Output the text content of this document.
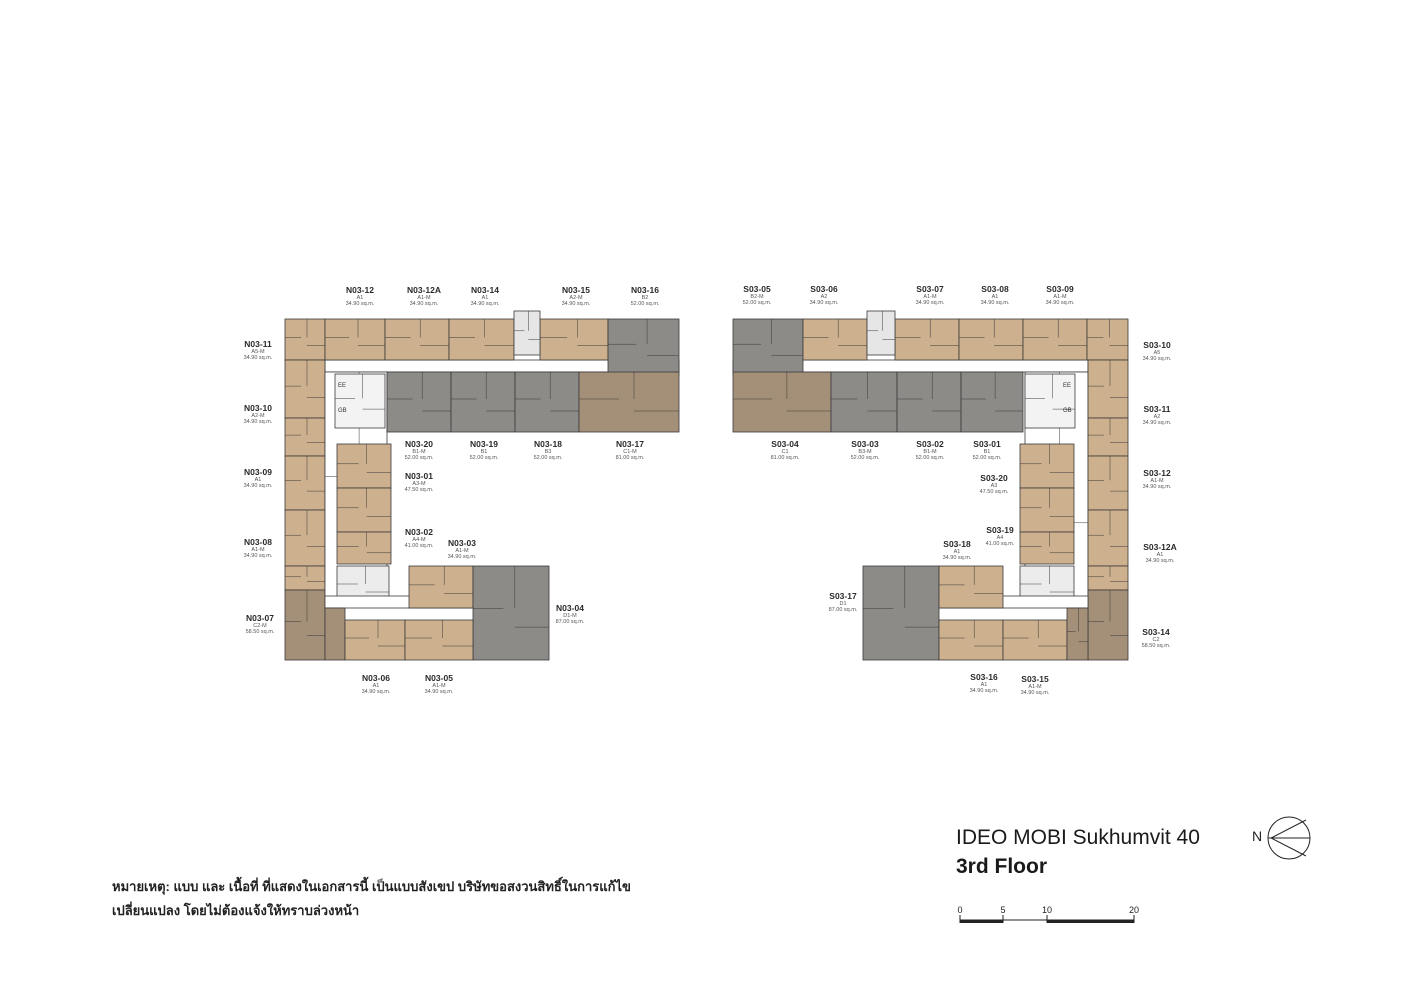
EE
GB
EE
GB
N03-12
A1
34.90 sq.m.
N03-12A
A1-M
34.90 sq.m.
N03-14
A1
34.90 sq.m.
N03-15
A2-M
34.90 sq.m.
N03-16
B2
52.00 sq.m.
N03-11
A5-M
34.90 sq.m.
N03-10
A2-M
34.90 sq.m.
N03-09
A1
34.90 sq.m.
N03-08
A1-M
34.90 sq.m.
N03-07
C2-M
58.50 sq.m.
N03-20
B1-M
52.00 sq.m.
N03-19
B1
52.00 sq.m.
N03-18
B3
52.00 sq.m.
N03-17
C1-M
81.00 sq.m.
N03-01
A3-M
47.50 sq.m.
N03-02
A4-M
41.00 sq.m. N03-03
A1-M
34.90 sq.m.
N03-04
D1-M
87.00 sq.m.
N03-06
A1
34.90 sq.m.
N03-05
A1-M
34.90 sq.m.
S03-05
B2-M
52.00 sq.m.
S03-06
A2
34.90 sq.m.
S03-07
A1-M
34.90 sq.m.
S03-08
A1
34.90 sq.m.
S03-09
A1-M
34.90 sq.m.
S03-10
A5
34.90 sq.m.
S03-11
A2
34.90 sq.m.
S03-12
A1-M
34.90 sq.m.
S03-12A
A1
34.90 sq.m.
S03-14
C2
58.50 sq.m.
S03-04
C1
81.00 sq.m.
S03-03
B3-M
52.00 sq.m.
S03-02
B1-M
52.00 sq.m.
S03-01
B1
52.00 sq.m.
S03-20
A3
47.50 sq.m.
S03-19
A4
41.00 sq.m.
S03-18
A1
34.90 sq.m.
S03-17
D1
87.00 sq.m.
S03-16
A1
34.90 sq.m.
S03-15
A1-M
34.90 sq.m.
IDEO MOBI Sukhumvit 40
3rd Floor
N
0	5	10	20
หมายเหตุ: แบบ และ เนื้อที่ ที่แสดงในเอกสารนี้ เป็นแบบสังเขป บริษัทขอสงวนสิทธิ์ในการแก้ไข
เปลี่ยนแปลง โดยไม่ต้องแจ้งให้ทราบล่วงหน้า
